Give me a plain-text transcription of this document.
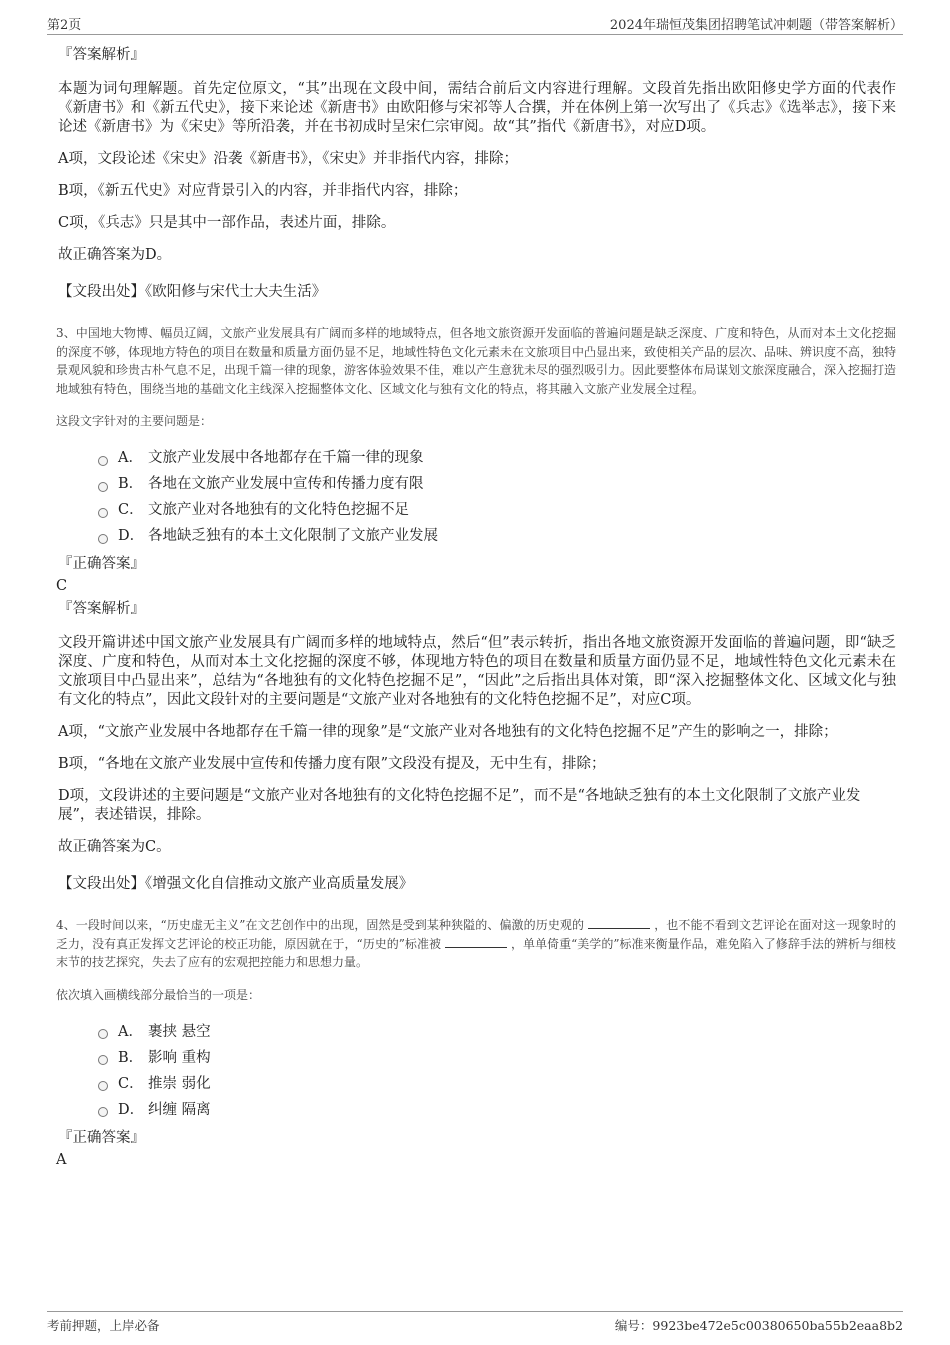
第2页	2024年瑞恒茂集团招聘笔试冲刺题（带答案解析）
『答案解析』
本题为词句理解题。首先定位原文，“其”出现在文段中间，需结合前后文内容进行理解。文段首先指出欧阳修史学方面的代表作《新唐书》和《新五代史》，接下来论述《新唐书》由欧阳修与宋祁等人合撰，并在体例上第一次写出了《兵志》《选举志》，接下来论述《新唐书》为《宋史》等所沿袭，并在书初成时呈宋仁宗审阅。故“其”指代《新唐书》，对应D项。
A项，文段论述《宋史》沿袭《新唐书》，《宋史》并非指代内容，排除；
B项，《新五代史》对应背景引入的内容，并非指代内容，排除；
C项，《兵志》只是其中一部作品，表述片面，排除。
故正确答案为D。
【文段出处】《欧阳修与宋代士大夫生活》
3、中国地大物博、幅员辽阔，文旅产业发展具有广阔而多样的地域特点，但各地文旅资源开发面临的普遍问题是缺乏深度、广度和特色，从而对本土文化挖掘的深度不够，体现地方特色的项目在数量和质量方面仍显不足，地域性特色文化元素未在文旅项目中凸显出来，致使相关产品的层次、品味、辨识度不高，独特景观风貌和珍贵古朴气息不足，出现千篇一律的现象，游客体验效果不佳，难以产生意犹未尽的强烈吸引力。因此要整体布局谋划文旅深度融合，深入挖掘打造地域独有特色，围绕当地的基础文化主线深入挖掘整体文化、区域文化与独有文化的特点，将其融入文旅产业发展全过程。
这段文字针对的主要问题是：
A． 文旅产业发展中各地都存在千篇一律的现象
B． 各地在文旅产业发展中宣传和传播力度有限
C． 文旅产业对各地独有的文化特色挖掘不足
D． 各地缺乏独有的本土文化限制了文旅产业发展
『正确答案』
C
『答案解析』
文段开篇讲述中国文旅产业发展具有广阔而多样的地域特点，然后“但”表示转折，指出各地文旅资源开发面临的普遍问题，即“缺乏深度、广度和特色，从而对本土文化挖掘的深度不够，体现地方特色的项目在数量和质量方面仍显不足，地域性特色文化元素未在文旅项目中凸显出来”，总结为“各地独有的文化特色挖掘不足”，“因此”之后指出具体对策，即“深入挖掘整体文化、区域文化与独有文化的特点”，因此文段针对的主要问题是“文旅产业对各地独有的文化特色挖掘不足”，对应C项。
A项，“文旅产业发展中各地都存在千篇一律的现象”是“文旅产业对各地独有的文化特色挖掘不足”产生的影响之一，排除；
B项，“各地在文旅产业发展中宣传和传播力度有限”文段没有提及，无中生有，排除；
D项，文段讲述的主要问题是“文旅产业对各地独有的文化特色挖掘不足”，而不是“各地缺乏独有的本土文化限制了文旅产业发展”，表述错误，排除。
故正确答案为C。
【文段出处】《增强文化自信推动文旅产业高质量发展》
4、一段时间以来，“历史虚无主义”在文艺创作中的出现，固然是受到某种狭隘的、偏激的历史观的	，也不能不看到文艺评论在面对这一现象时的乏力，没有真正发挥文艺评论的校正功能，原因就在于，“历史的”标准被	，单单倚重“美学的”标准来衡量作品，难免陷入了修辞手法的辨析与细枝末节的技艺探究，失去了应有的宏观把控能力和思想力量。
依次填入画横线部分最恰当的一项是：
A． 裹挟 悬空
B． 影响 重构
C． 推崇 弱化
D． 纠缠 隔离
『正确答案』
A
考前押题，上岸必备	编号：9923be472e5c00380650ba55b2eaa8b2
